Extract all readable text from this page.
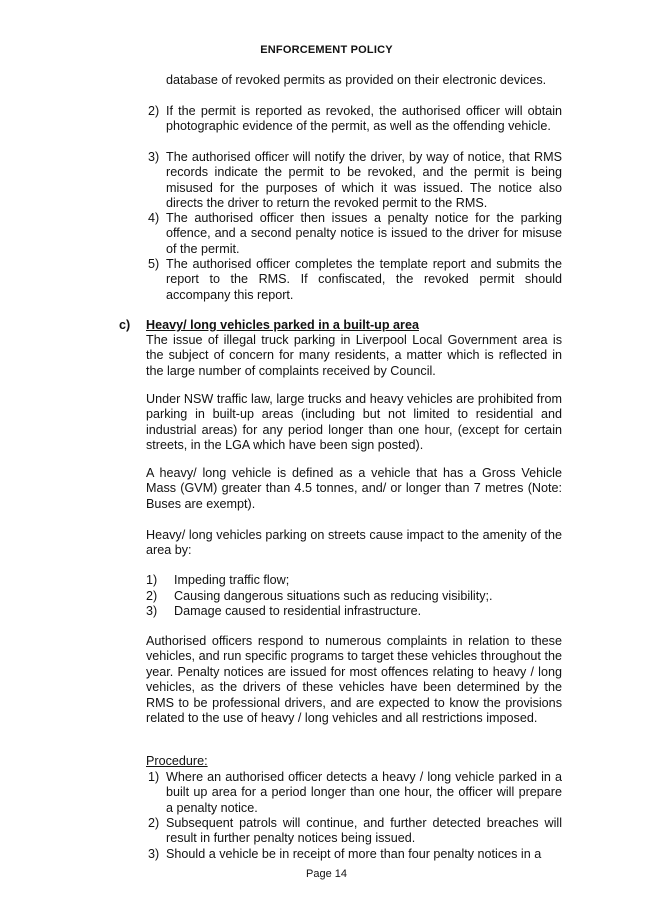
ENFORCEMENT POLICY
database of revoked permits as provided on their electronic devices.
2) If the permit is reported as revoked, the authorised officer will obtain photographic evidence of the permit, as well as the offending vehicle.
3) The authorised officer will notify the driver, by way of notice, that RMS records indicate the permit to be revoked, and the permit is being misused for the purposes of which it was issued. The notice also directs the driver to return the revoked permit to the RMS.
4) The authorised officer then issues a penalty notice for the parking offence, and a second penalty notice is issued to the driver for misuse of the permit.
5) The authorised officer completes the template report and submits the report to the RMS. If confiscated, the revoked permit should accompany this report.
c) Heavy/ long vehicles parked in a built-up area
The issue of illegal truck parking in Liverpool Local Government area is the subject of concern for many residents, a matter which is reflected in the large number of complaints received by Council.
Under NSW traffic law, large trucks and heavy vehicles are prohibited from parking in built-up areas (including but not limited to residential and industrial areas) for any period longer than one hour, (except for certain streets, in the LGA which have been sign posted).
A heavy/ long vehicle is defined as a vehicle that has a Gross Vehicle Mass (GVM) greater than 4.5 tonnes, and/ or longer than 7 metres (Note: Buses are exempt).
Heavy/ long vehicles parking on streets cause impact to the amenity of the area by:
1) Impeding traffic flow;
2) Causing dangerous situations such as reducing visibility;.
3) Damage caused to residential infrastructure.
Authorised officers respond to numerous complaints in relation to these vehicles, and run specific programs to target these vehicles throughout the year. Penalty notices are issued for most offences relating to heavy / long vehicles, as the drivers of these vehicles have been determined by the RMS to be professional drivers, and are expected to know the provisions related to the use of heavy / long vehicles and all restrictions imposed.
Procedure:
1) Where an authorised officer detects a heavy / long vehicle parked in a built up area for a period longer than one hour, the officer will prepare a penalty notice.
2) Subsequent patrols will continue, and further detected breaches will result in further penalty notices being issued.
3) Should a vehicle be in receipt of more than four penalty notices in a
Page 14
